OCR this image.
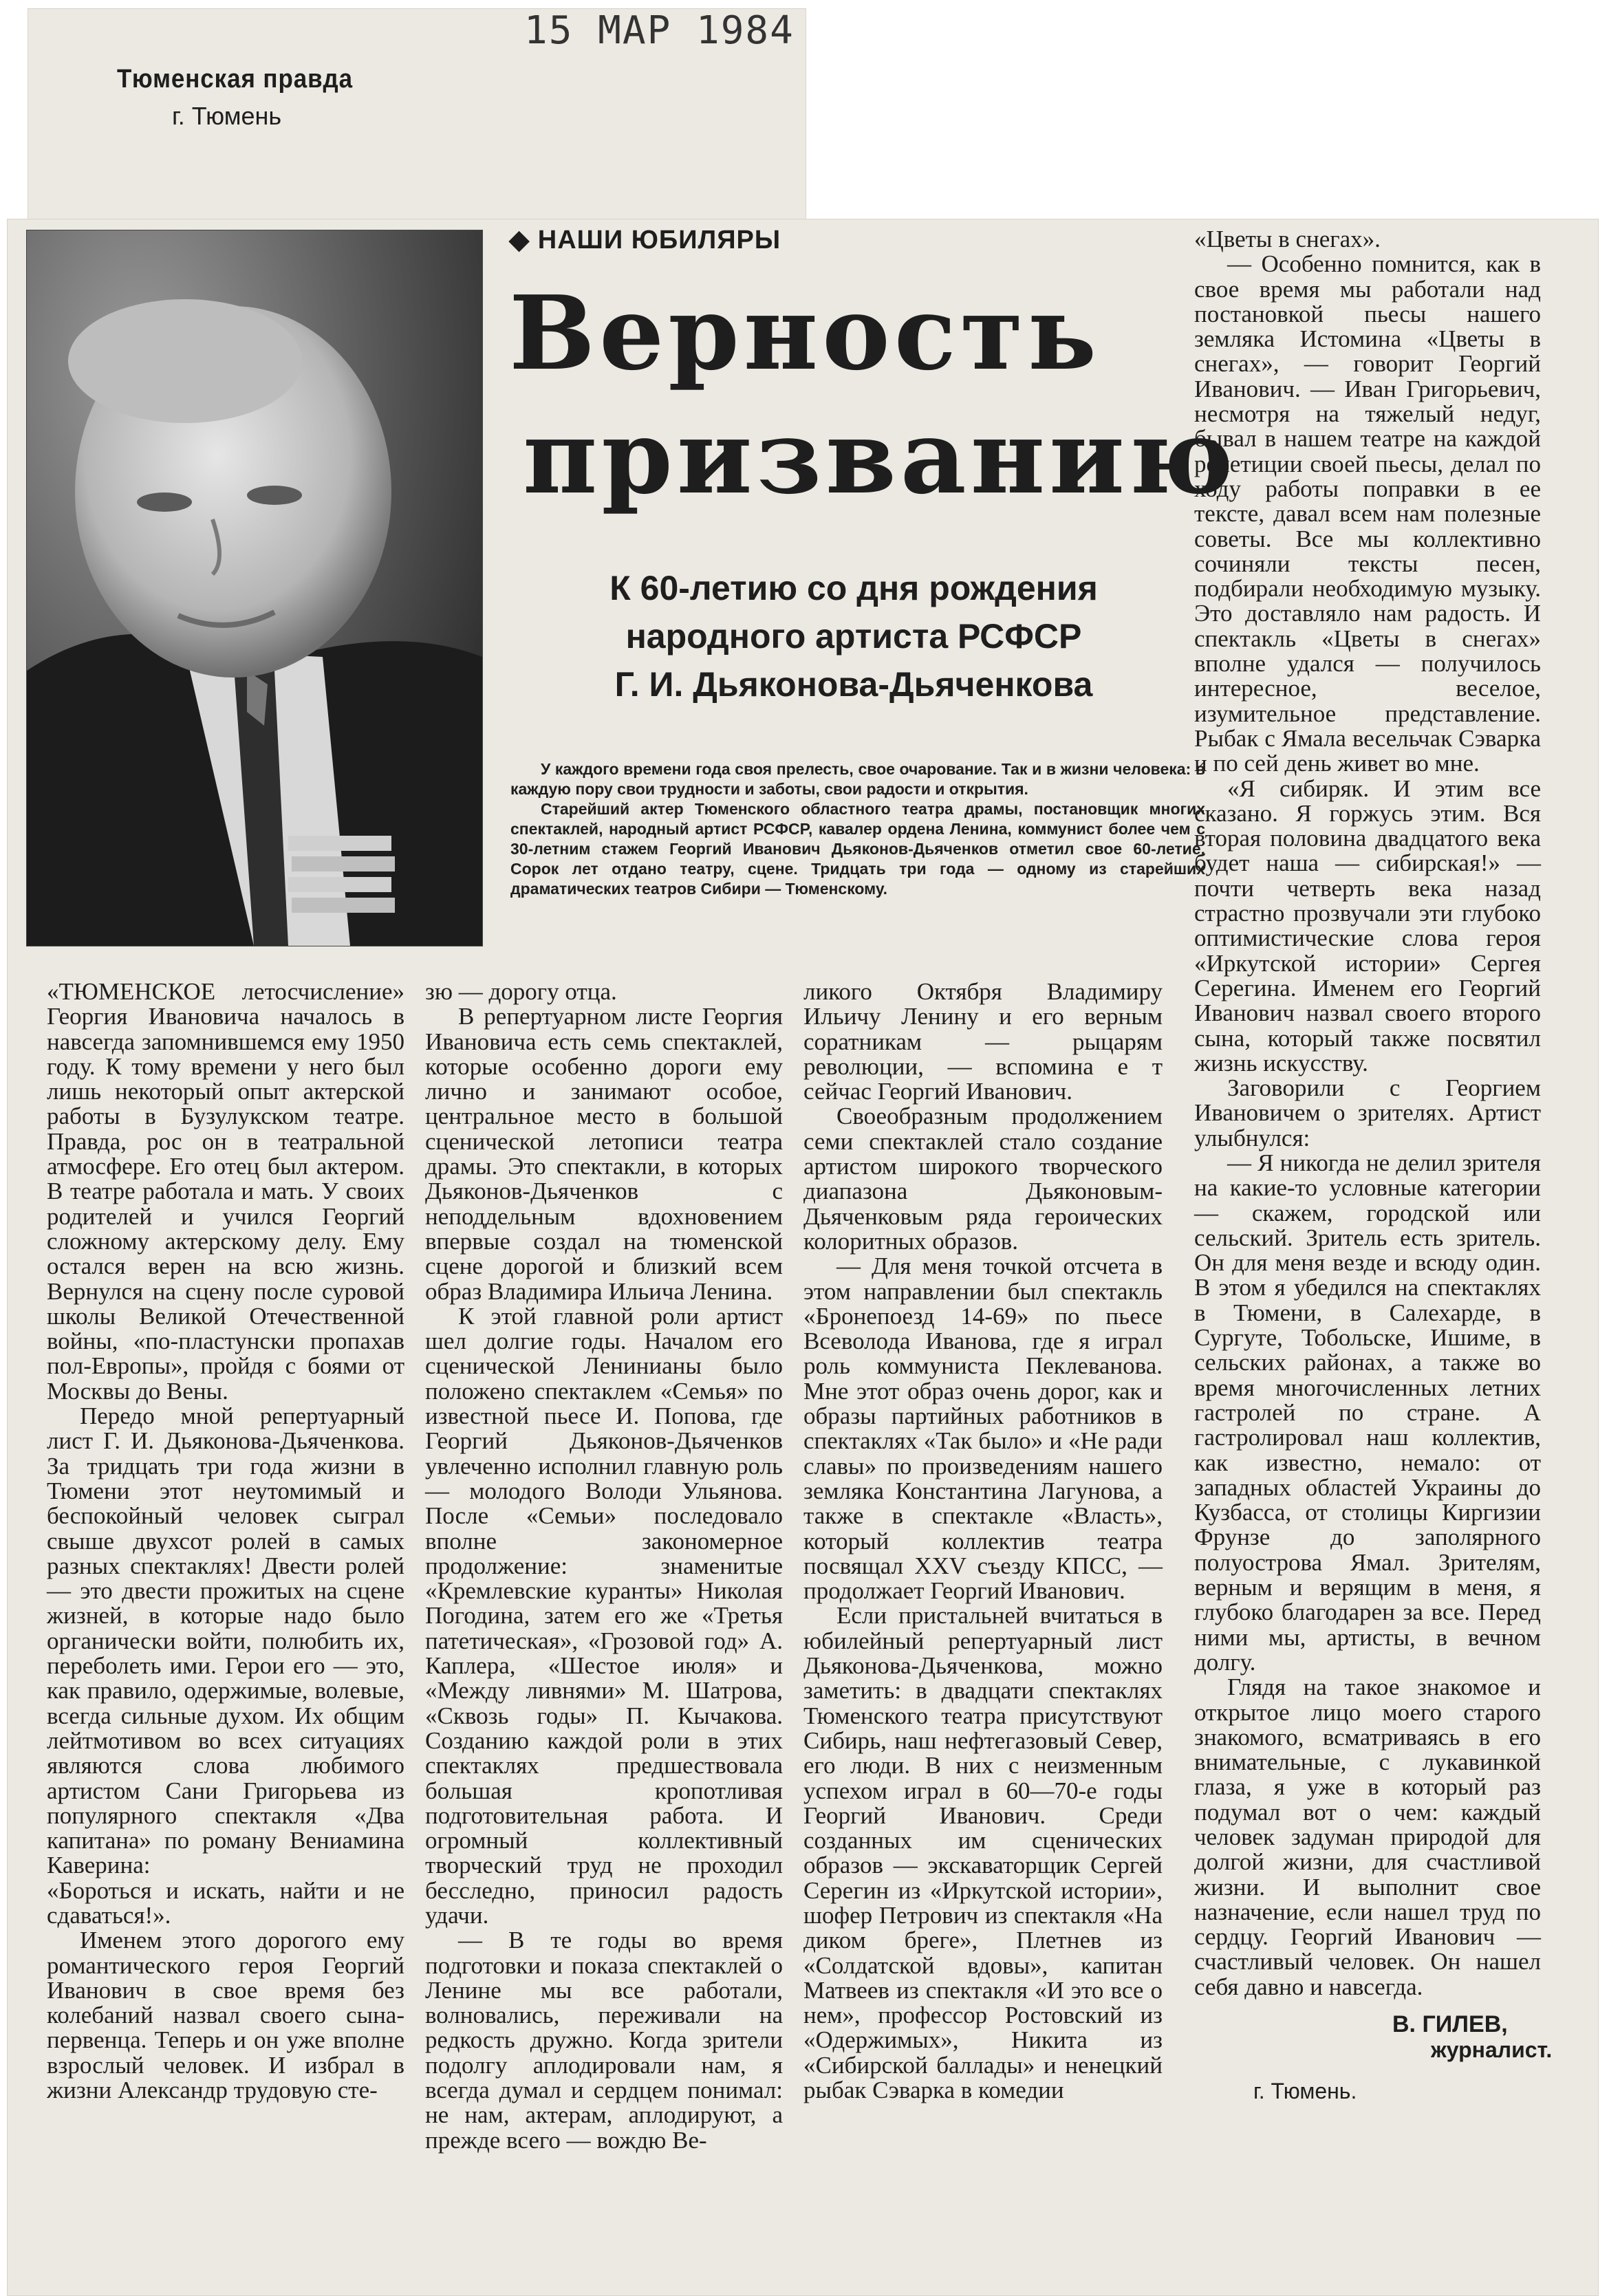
Тюменская правда
г. Тюмень
15 МАР 1984
◆ НАШИ ЮБИЛЯРЫ
Верность
призванию
К 60-летию со дня рождения
народного артиста РСФСР
Г. И. Дьяконова-Дьяченкова

У каждого времени года своя прелесть, свое очарование. Так и в жизни человека: в каждую пору свои трудности и заботы, свои радости и открытия.

Старейший актер Тюменского областного театра драмы, постановщик многих спектаклей, народный артист РСФСР, кавалер ордена Ленина, коммунист более чем с 30-летним стажем Георгий Иванович Дьяконов-Дьяченков отметил свое 60-летие. Сорок лет отдано театру, сцене. Тридцать три года — одному из старейших драматических театров Сибири — Тюменскому.

«ТЮМЕНСКОЕ летосчисление» Георгия Ивановича началось в навсегда запомнившемся ему 1950 году. К тому времени у него был лишь некоторый опыт актерской работы в Бузулукском театре. Правда, рос он в театральной атмосфере. Его отец был актером. В театре работала и мать. У своих родителей и учился Георгий сложному актерскому делу. Ему остался верен на всю жизнь. Вернулся на сцену после суровой школы Великой Отечественной войны, «по-пластунски пропахав пол-Европы», пройдя с боями от Москвы до Вены.

Передо мной репертуарный лист Г. И. Дьяконова-Дьяченкова. За тридцать три года жизни в Тюмени этот неутомимый и беспокойный человек сыграл свыше двухсот ролей в самых разных спектаклях! Двести ролей — это двести прожитых на сцене жизней, в которые надо было органически войти, полюбить их, переболеть ими. Герои его — это, как правило, одержимые, волевые, всегда сильные духом. Их общим лейтмотивом во всех ситуациях являются слова любимого артистом Сани Григорьева из популярного спектакля «Два капитана» по роману Вениамина Каверина:

«Бороться и искать, найти и не сдаваться!».

Именем этого дорогого ему романтического героя Георгий Иванович в свое время без колебаний назвал своего сына-первенца. Теперь и он уже вполне взрослый человек. И избрал в жизни Александр трудовую сте-

зю — дорогу отца.

В репертуарном листе Георгия Ивановича есть семь спектаклей, которые особенно дороги ему лично и занимают особое, центральное место в большой сценической летописи театра драмы. Это спектакли, в которых Дьяконов-Дьяченков с неподдельным вдохновением впервые создал на тюменской сцене дорогой и близкий всем образ Владимира Ильича Ленина.

К этой главной роли артист шел долгие годы. Началом его сценической Ленинианы было положено спектаклем «Семья» по известной пьесе И. Попова, где Георгий Дьяконов-Дьяченков увлеченно исполнил главную роль — молодого Володи Ульянова. После «Семьи» последовало вполне закономерное продолжение: знаменитые «Кремлевские куранты» Николая Погодина, затем его же «Третья патетическая», «Грозовой год» А. Каплера, «Шестое июля» и «Между ливнями» М. Шатрова, «Сквозь годы» П. Кычакова. Созданию каждой роли в этих спектаклях предшествовала большая кропотливая подготовительная работа. И огромный коллективный творческий труд не проходил бесследно, приносил радость удачи.

— В те годы во время подготовки и показа спектаклей о Ленине мы все работали, волновались, переживали на редкость дружно. Когда зрители подолгу аплодировали нам, я всегда думал и сердцем понимал: не нам, актерам, аплодируют, а прежде всего — вождю Ве-

ликого Октября Владимиру Ильичу Ленину и его верным соратникам — рыцарям революции, — вспомина е т сейчас Георгий Иванович.

Своеобразным продолжением семи спектаклей стало создание артистом широкого творческого диапазона Дьяконовым-Дьяченковым ряда героических колоритных образов.

— Для меня точкой отсчета в этом направлении был спектакль «Бронепоезд 14-69» по пьесе Всеволода Иванова, где я играл роль коммуниста Пеклеванова. Мне этот образ очень дорог, как и образы партийных работников в спектаклях «Так было» и «Не ради славы» по произведениям нашего земляка Константина Лагунова, а также в спектакле «Власть», который коллектив театра посвящал XXV съезду КПСС, — продолжает Георгий Иванович.

Если пристальней вчитаться в юбилейный репертуарный лист Дьяконова-Дьяченкова, можно заметить: в двадцати спектаклях Тюменского театра присутствуют Сибирь, наш нефтегазовый Север, его люди. В них с неизменным успехом играл в 60—70-е годы Георгий Иванович. Среди созданных им сценических образов — экскаваторщик Сергей Серегин из «Иркутской истории», шофер Петрович из спектакля «На диком бреге», Плетнев из «Солдатской вдовы», капитан Матвеев из спектакля «И это все о нем», профессор Ростовский из «Одержимых», Никита из «Сибирской баллады» и ненецкий рыбак Сэварка в комедии

«Цветы в снегах».

— Особенно помнится, как в свое время мы работали над постановкой пьесы нашего земляка Истомина «Цветы в снегах», — говорит Георгий Иванович. — Иван Григорьевич, несмотря на тяжелый недуг, бывал в нашем театре на каждой репетиции своей пьесы, делал по ходу работы поправки в ее тексте, давал всем нам полезные советы. Все мы коллективно сочиняли тексты песен, подбирали необходимую музыку. Это доставляло нам радость. И спектакль «Цветы в снегах» вполне удался — получилось интересное, веселое, изумительное представление. Рыбак с Ямала весельчак Сэварка и по сей день живет во мне.

«Я сибиряк. И этим все сказано. Я горжусь этим. Вся вторая половина двадцатого века будет наша — сибирская!» — почти четверть века назад страстно прозвучали эти глубоко оптимистические слова героя «Иркутской истории» Сергея Серегина. Именем его Георгий Иванович назвал своего второго сына, который также посвятил жизнь искусству.

Заговорили с Георгием Ивановичем о зрителях. Артист улыбнулся:

— Я никогда не делил зрителя на какие-то условные категории — скажем, городской или сельский. Зритель есть зритель. Он для меня везде и всюду один. В этом я убедился на спектаклях в Тюмени, в Салехарде, в Сургуте, Тобольске, Ишиме, в сельских районах, а также во время многочисленных летних гастролей по стране. А гастролировал наш коллектив, как известно, немало: от западных областей Украины до Кузбасса, от столицы Киргизии Фрунзе до заполярного полуострова Ямал. Зрителям, верным и верящим в меня, я глубоко благодарен за все. Перед ними мы, артисты, в вечном долгу.

Глядя на такое знакомое и открытое лицо моего старого знакомого, всматриваясь в его внимательные, с лукавинкой глаза, я уже в который раз подумал вот о чем: каждый человек задуман природой для долгой жизни, для счастливой жизни. И выполнит свое назначение, если нашел труд по сердцу. Георгий Иванович — счастливый человек. Он нашел себя давно и навсегда.

В. ГИЛЕВ,
журналист.
г. Тюмень.
